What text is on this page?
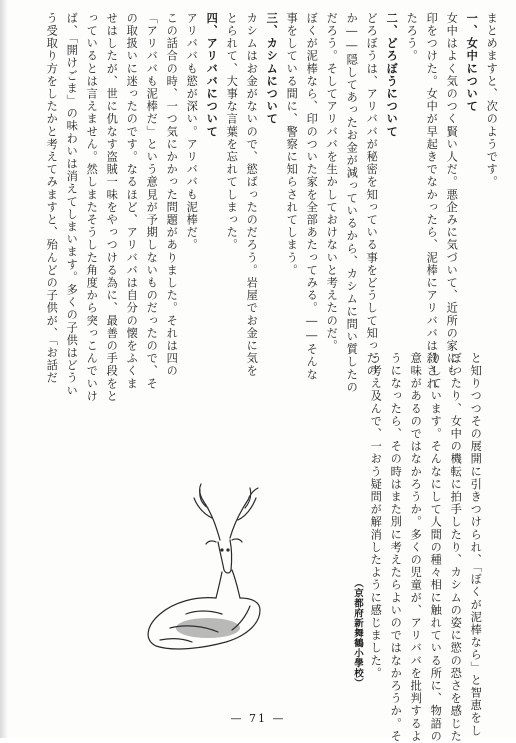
まとめますと、次のようです。
一、女中について
女中はよく気のつく賢い人だ。悪企みに気づいて、近所の家にも
印をつけた。女中が早起きでなかったら、泥棒にアリババは殺され
たろう。
二、どろぼうについて
どろぼうは、アリババが秘密を知っている事をどうして知ったの
か――隠してあったお金が減っているから、カシムに問い質したの
だろう。そしてアリババを生かしておけないと考えたのだ。
ぼくが泥棒なら、印のついた家を全部あたってみる。――そんな
事をしている間に、警察に知らされてしまう。
三、カシムについて
カシムはお金がないので、慾ばったのだろう。岩屋でお金に気を
とられて、大事な言葉を忘れてしまった。
四、アリババについて
アリババも慾が深い。アリババも泥棒だ。
この話合の時、一つ気にかかった問題がありました。それは四の
「アリババも泥棒だ」という意見が予期しないものだったので、そ
の取扱いに迷ったのです。なるほど、アリババは自分の懐をふくま
せはしたが、世に仇なす盗賊一味をやっつける為に、最善の手段をと
っているとは言えません。然しまたそうした角度から突っこんでいけ
ば、「開けごま」の味わいは消えてしまいます。多くの子供はどうい
う受取り方をしたかと考えてみますと、殆んどの子供が、「お話だ
と知りつつその展開に引きつけられ、「ぼくが泥棒なら」と智恵をし
ぼったり、女中の機転に拍手したり、カシムの姿に慾の恐さを感じた
りしています。そんなにして人間の種々相に触れている所に、物語の
意味があるのではなかろうか。多くの児童が、アリババを批判するよ
うになったら、その時はまた別に考えたらよいのではなかろうか。そ
う考え及んで、一おう疑問が解消したように感じました。
（京都府新舞鶴小學校）
— 71 —
